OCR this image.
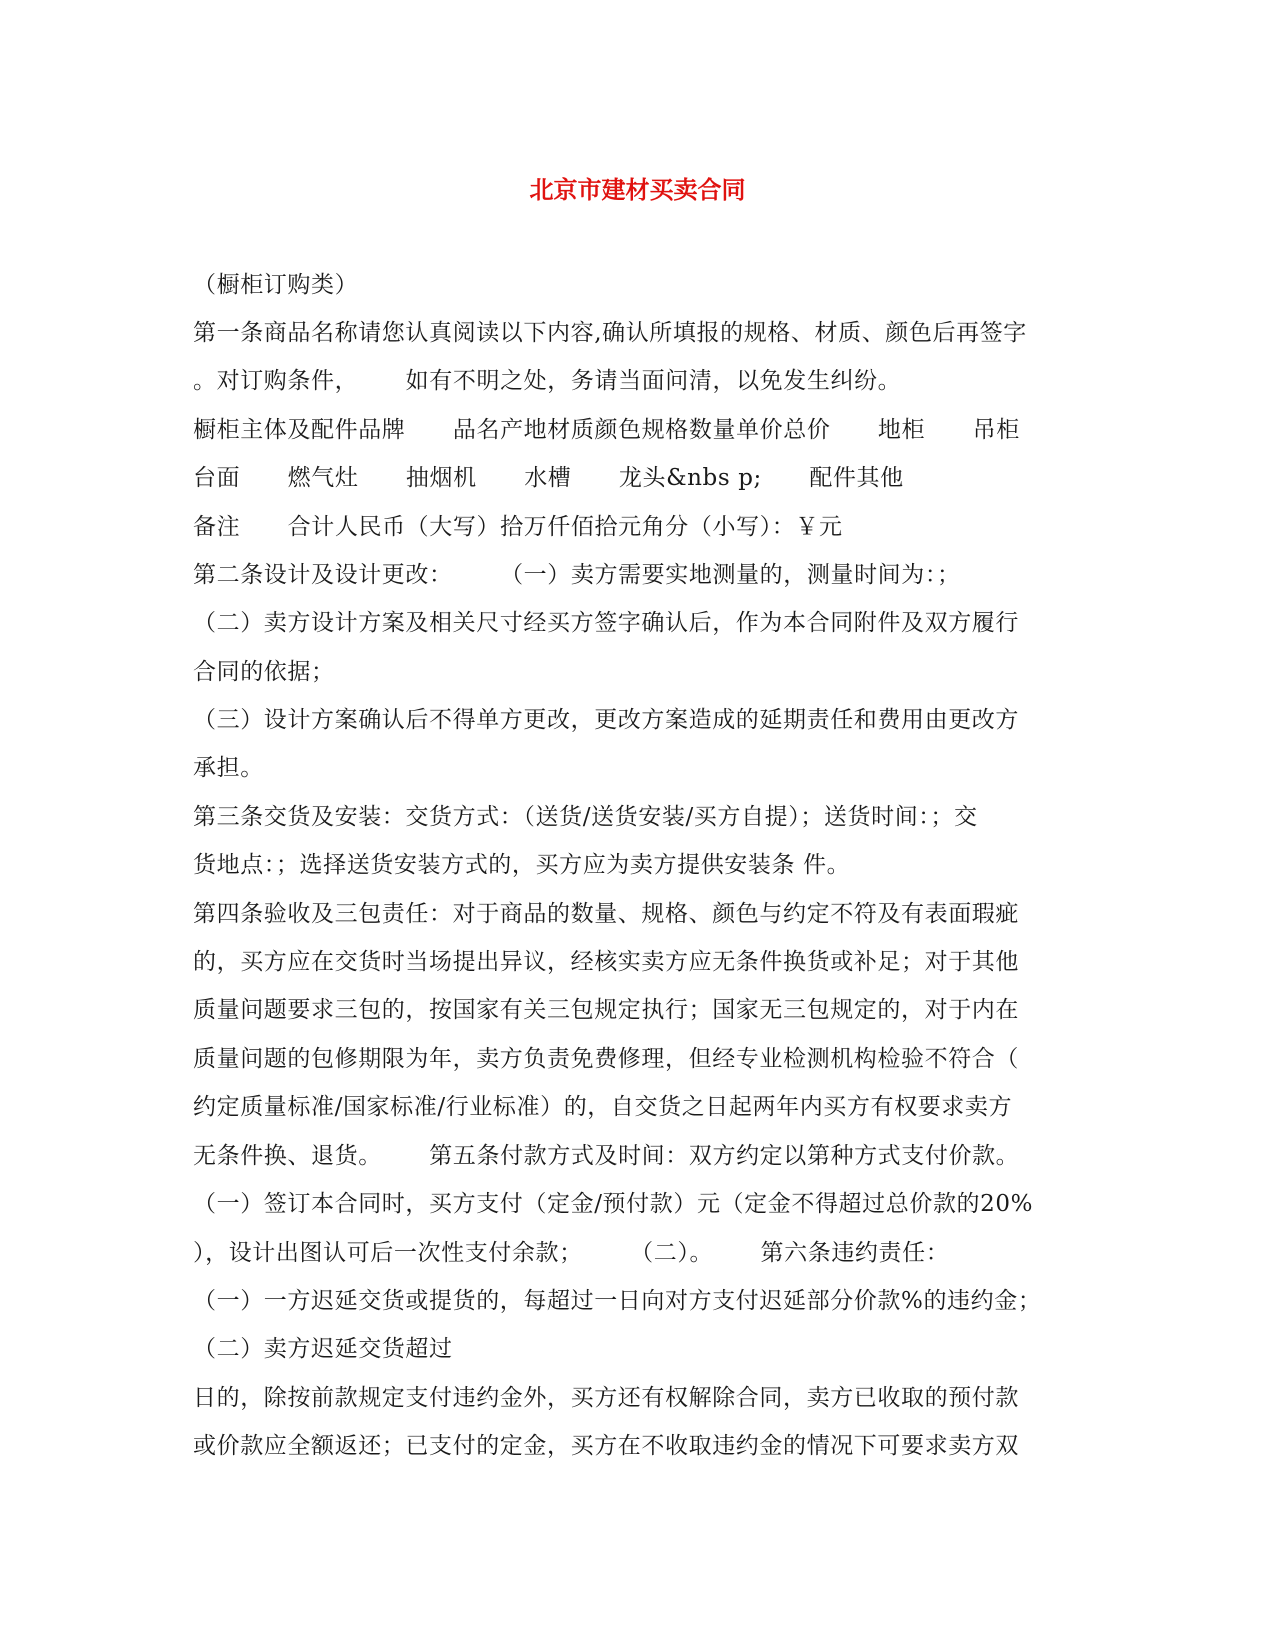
北京市建材买卖合同
（橱柜订购类）
第一条商品名称请您认真阅读以下内容,确认所填报的规格、材质、颜色后再签字
。对订购条件，      如有不明之处，务请当面问清，以免发生纠纷。
橱柜主体及配件品牌      品名产地材质颜色规格数量单价总价      地柜      吊柜
台面      燃气灶      抽烟机      水槽      龙头&nbs p;      配件其他
备注      合计人民币（大写）拾万仟佰拾元角分（小写）：￥元
第二条设计及设计更改：      （一）卖方需要实地测量的，测量时间为：；
（二）卖方设计方案及相关尺寸经买方签字确认后，作为本合同附件及双方履行
合同的依据；
（三）设计方案确认后不得单方更改，更改方案造成的延期责任和费用由更改方
承担。
第三条交货及安装：交货方式：（送货/送货安装/买方自提）；送货时间：；交
货地点：；选择送货安装方式的，买方应为卖方提供安装条 件。
第四条验收及三包责任：对于商品的数量、规格、颜色与约定不符及有表面瑕疵
的，买方应在交货时当场提出异议，经核实卖方应无条件换货或补足；对于其他
质量问题要求三包的，按国家有关三包规定执行；国家无三包规定的，对于内在
质量问题的包修期限为年，卖方负责免费修理，但经专业检测机构检验不符合（
约定质量标准/国家标准/行业标准）的，自交货之日起两年内买方有权要求卖方
无条件换、退货。      第五条付款方式及时间：双方约定以第种方式支付价款。
（一）签订本合同时，买方支付（定金/预付款）元（定金不得超过总价款的20%
），设计出图认可后一次性支付余款；      （二）。      第六条违约责任：
（一）一方迟延交货或提货的，每超过一日向对方支付迟延部分价款%的违约金；
（二）卖方迟延交货超过
日的，除按前款规定支付违约金外，买方还有权解除合同，卖方已收取的预付款
或价款应全额返还；已支付的定金，买方在不收取违约金的情况下可要求卖方双
